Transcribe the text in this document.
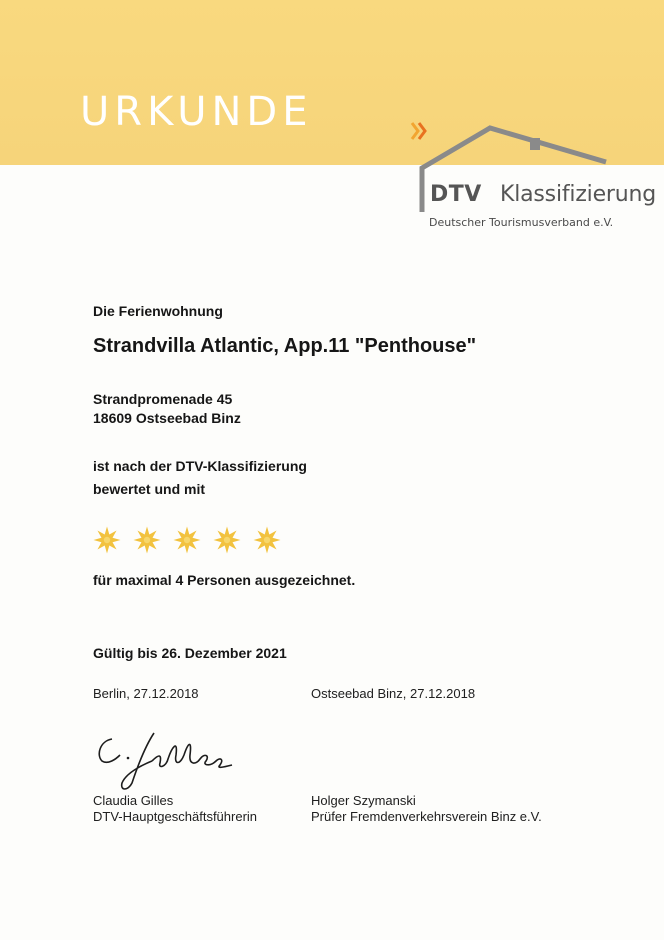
URKUNDE
DTV Klassifizierung
Deutscher Tourismusverband e.V.
Die Ferienwohnung
Strandvilla Atlantic, App.11 "Penthouse"
Strandpromenade 45
18609 Ostseebad Binz
ist nach der DTV-Klassifizierung
bewertet und mit
für maximal 4 Personen ausgezeichnet.
Gültig bis 26. Dezember 2021
Berlin, 27.12.2018	Ostseebad Binz, 27.12.2018
Claudia Gilles
DTV-Hauptgeschäftsführerin
Holger Szymanski
Prüfer Fremdenverkehrsverein Binz e.V.
